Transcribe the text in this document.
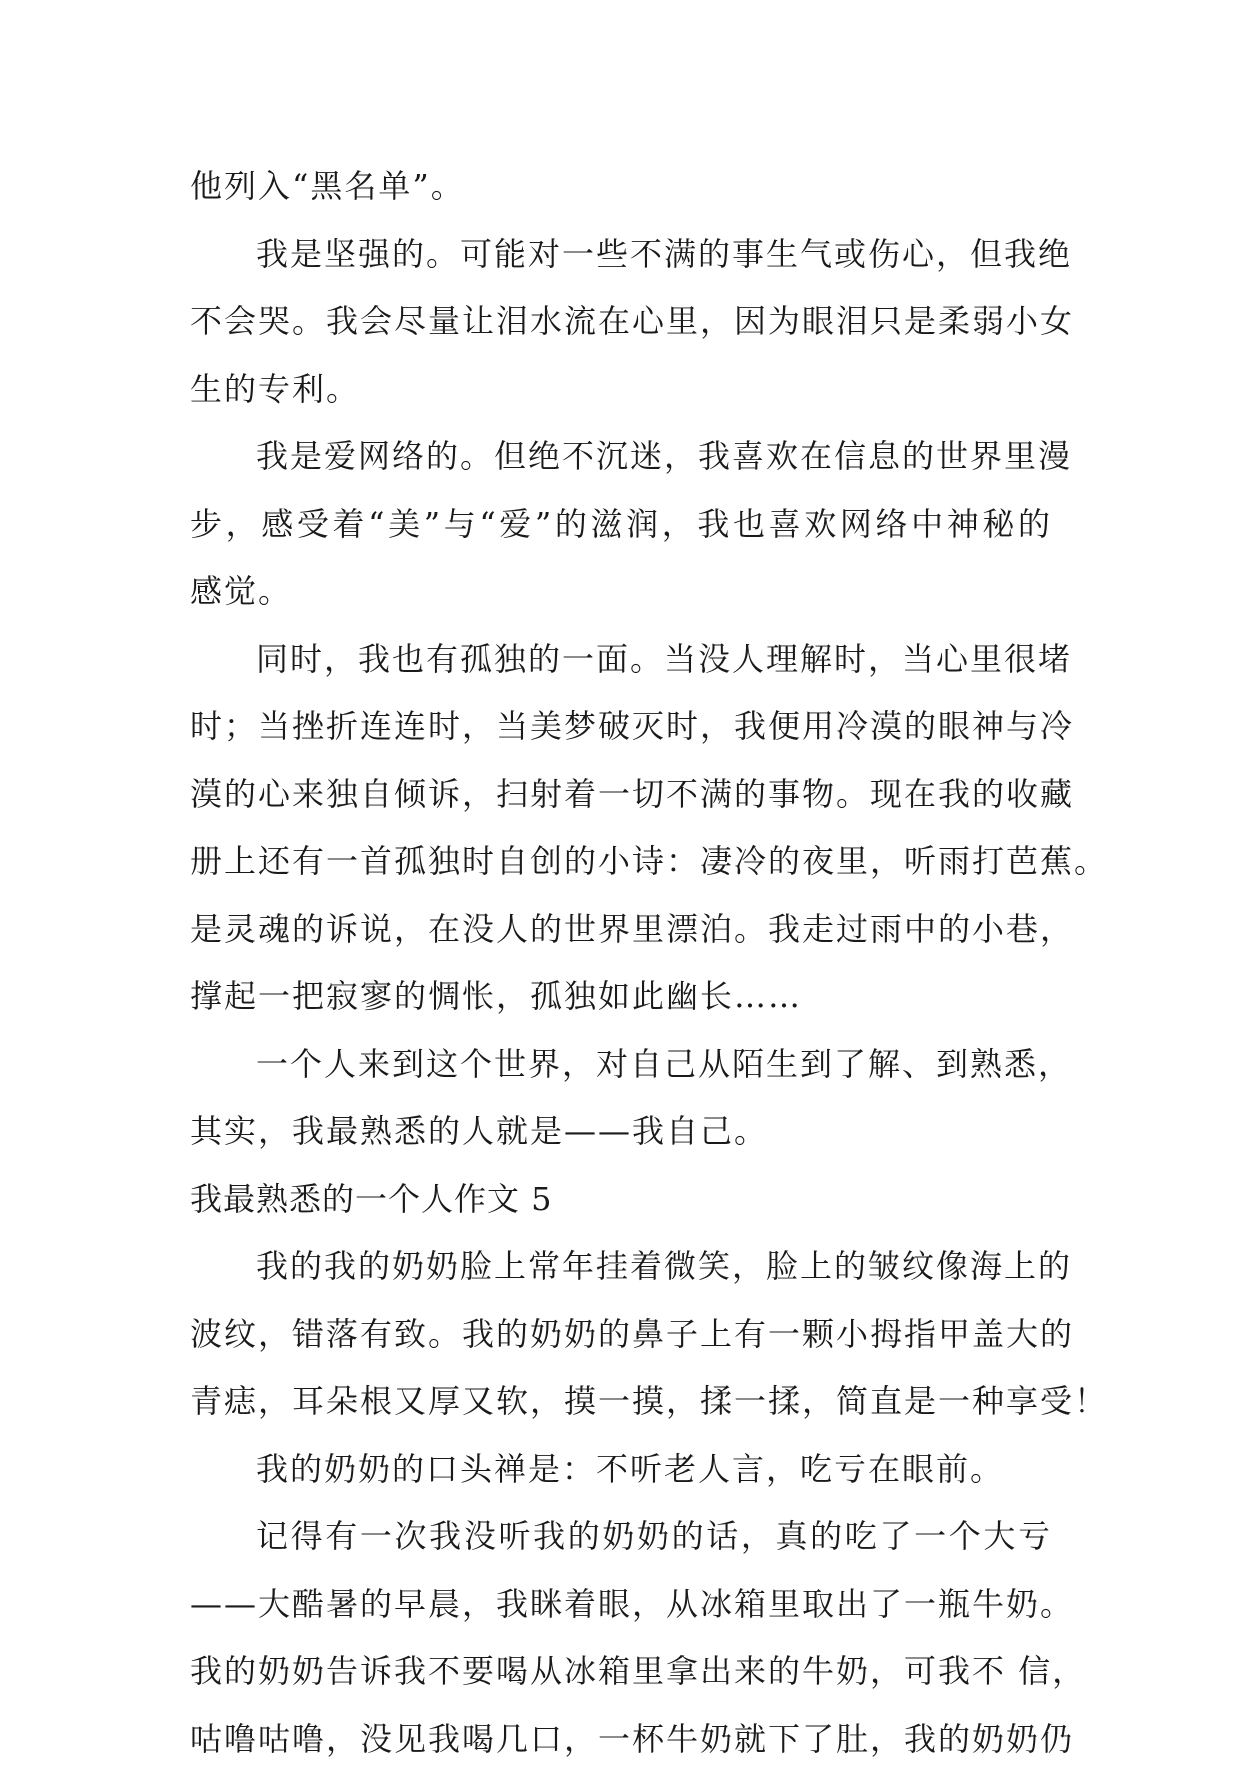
他列入“黑名单”。
我是坚强的。可能对一些不满的事生气或伤心，但我绝
不会哭。我会尽量让泪水流在心里，因为眼泪只是柔弱小女
生的专利。
我是爱网络的。但绝不沉迷，我喜欢在信息的世界里漫
步，感受着“美”与“爱”的滋润，我也喜欢网络中神秘的
感觉。
同时，我也有孤独的一面。当没人理解时，当心里很堵
时；当挫折连连时，当美梦破灭时，我便用冷漠的眼神与冷
漠的心来独自倾诉，扫射着一切不满的事物。现在我的收藏
册上还有一首孤独时自创的小诗：凄冷的夜里，听雨打芭蕉。
是灵魂的诉说，在没人的世界里漂泊。我走过雨中的小巷，
撑起一把寂寥的惆怅，孤独如此幽长……
一个人来到这个世界，对自己从陌生到了解、到熟悉，
其实，我最熟悉的人就是——我自己。
我最熟悉的一个人作文 5
我的我的奶奶脸上常年挂着微笑，脸上的皱纹像海上的
波纹，错落有致。我的奶奶的鼻子上有一颗小拇指甲盖大的
青痣，耳朵根又厚又软，摸一摸，揉一揉，简直是一种享受！
我的奶奶的口头禅是：不听老人言，吃亏在眼前。
记得有一次我没听我的奶奶的话，真的吃了一个大亏
——大酷暑的早晨，我眯着眼，从冰箱里取出了一瓶牛奶。
我的奶奶告诉我不要喝从冰箱里拿出来的牛奶，可我不 信，
咕噜咕噜，没见我喝几口，一杯牛奶就下了肚，我的奶奶仍
